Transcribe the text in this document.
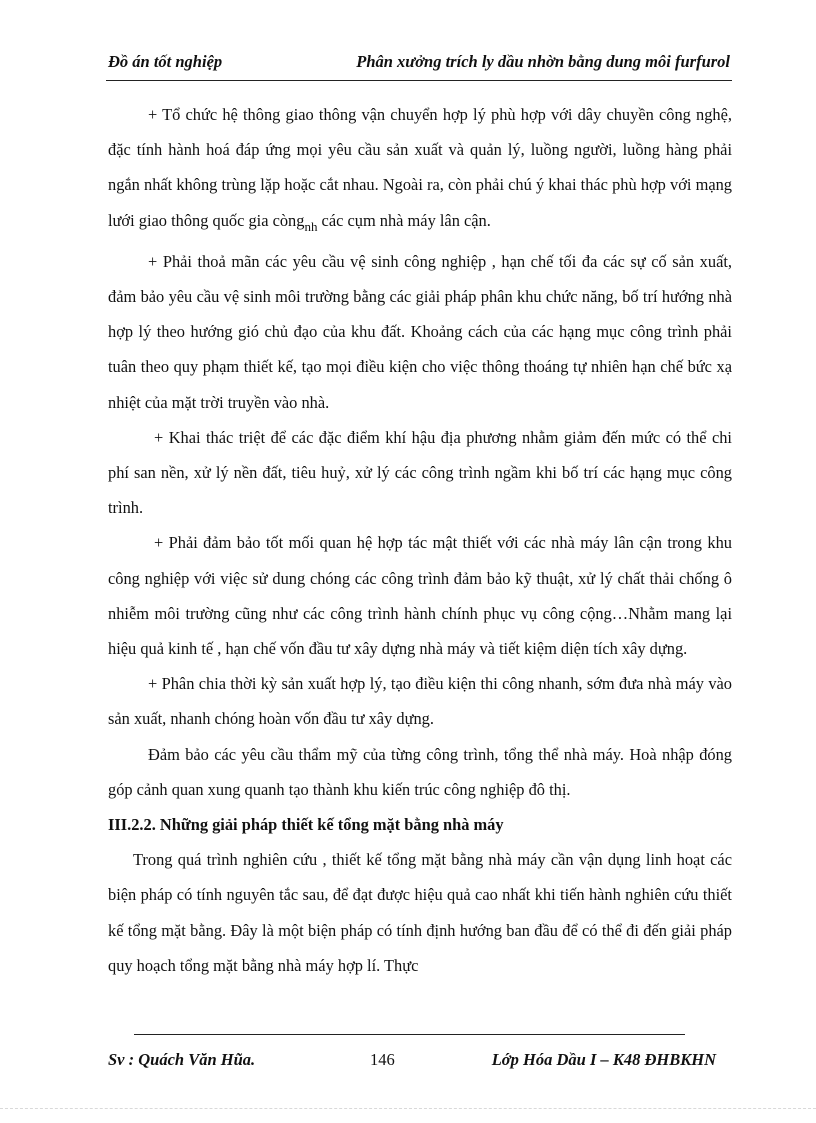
Đồ án tốt nghiệp	Phân xưởng trích ly dầu nhờn bằng dung môi furfurol

+ Tổ chức hệ thông giao thông vận chuyển hợp lý phù hợp với dây chuyền công nghệ, đặc tính hành hoá đáp ứng mọi yêu cầu sản xuất và quản lý, luồng người, luồng hàng phải ngắn nhất không trùng lặp hoặc cắt nhau. Ngoài ra, còn phải chú ý khai thác phù hợp với mạng lưới giao thông quốc gia còng$_{nh}$ các cụm nhà máy lân cận.

+ Phải thoả mãn các yêu cầu vệ sinh công nghiệp , hạn chế tối đa các sự cố sản xuất, đảm bảo yêu cầu vệ sinh môi trường bằng các giải pháp phân khu chức năng, bố trí hướng nhà hợp lý theo hướng gió chủ đạo của khu đất. Khoảng cách của các hạng mục công trình phải tuân theo quy phạm thiết kế, tạo mọi điều kiện cho việc thông thoáng tự nhiên hạn chế bức xạ nhiệt của mặt trời truyền vào nhà.

+ Khai thác triệt để các đặc điểm khí hậu địa phương nhằm giảm đến mức có thể chi phí san nền, xử lý nền đất, tiêu huỷ, xử lý các công trình ngầm khi bố trí các hạng mục công trình.

+ Phải đảm bảo tốt mối quan hệ hợp tác mật thiết với các nhà máy lân cận trong khu công nghiệp với việc sử dung chóng các công trình đảm bảo kỹ thuật, xử lý chất thải chống ô nhiễm môi trường cũng như các công trình hành chính phục vụ công cộng…Nhằm mang lại hiệu quả kinh tế , hạn chế vốn đầu tư xây dựng nhà máy và tiết kiệm diện tích xây dựng.

+ Phân chia thời kỳ sản xuất hợp lý, tạo điều kiện thi công nhanh, sớm đưa nhà máy vào sản xuất, nhanh chóng hoàn vốn đầu tư xây dựng.

Đảm bảo các yêu cầu thẩm mỹ của từng công trình, tổng thể nhà máy. Hoà nhập đóng góp cảnh quan xung quanh tạo thành khu kiến trúc công nghiệp đô thị.

III.2.2. Những giải pháp thiết kế tổng mặt bằng nhà máy

Trong quá trình nghiên cứu , thiết kế tổng mặt bằng nhà máy cần vận dụng linh hoạt các biện pháp có tính nguyên tắc sau, để đạt được hiệu quả cao nhất khi tiến hành nghiên cứu thiết kế tổng mặt bằng. Đây là một biện pháp có tính định hướng ban đầu để có thể đi đến giải pháp quy hoạch tổng mặt bằng nhà máy hợp lí. Thực

Sv : Quách Văn Hũa.	146	Lớp Hóa Dầu I – K48 ĐHBKHN
